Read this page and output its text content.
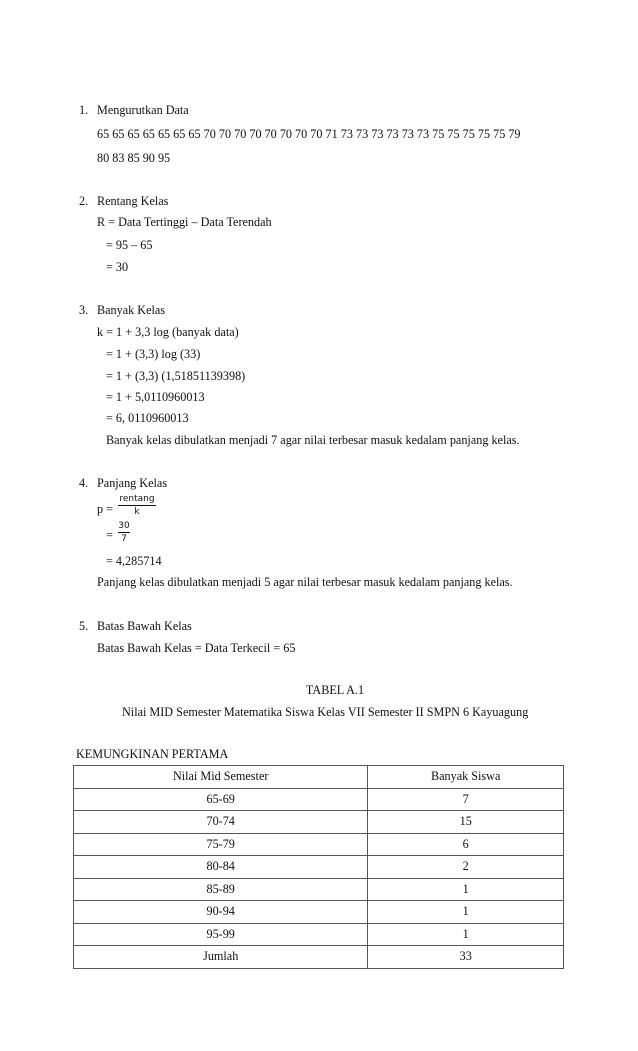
1. Mengurutkan Data
65 65 65 65 65 65 65 70 70 70 70 70 70 70 70 71 73 73 73 73 73 73 75 75 75 75 75 79
80 83 85 90 95
2. Rentang Kelas
R = Data Tertinggi – Data Terendah
= 95 – 65
= 30
3. Banyak Kelas
k = 1 + 3,3 log (banyak data)
= 1 + (3,3) log (33)
= 1 + (3,3) (1,51851139398)
= 1 + 5,0110960013
= 6, 0110960013
Banyak kelas dibulatkan menjadi 7 agar nilai terbesar masuk kedalam panjang kelas.
4. Panjang Kelas
p =
rentang
k
=
30
7
= 4,285714
Panjang kelas dibulatkan menjadi 5 agar nilai terbesar masuk kedalam panjang kelas.
5. Batas Bawah Kelas
Batas Bawah Kelas = Data Terkecil = 65
TABEL A.1
Nilai MID Semester Matematika Siswa Kelas VII Semester II SMPN 6 Kayuagung
KEMUNGKINAN PERTAMA
Nilai Mid Semester	Banyak Siswa
65-69	7
70-74	15
75-79	6
80-84	2
85-89	1
90-94	1
95-99	1
Jumlah	33
